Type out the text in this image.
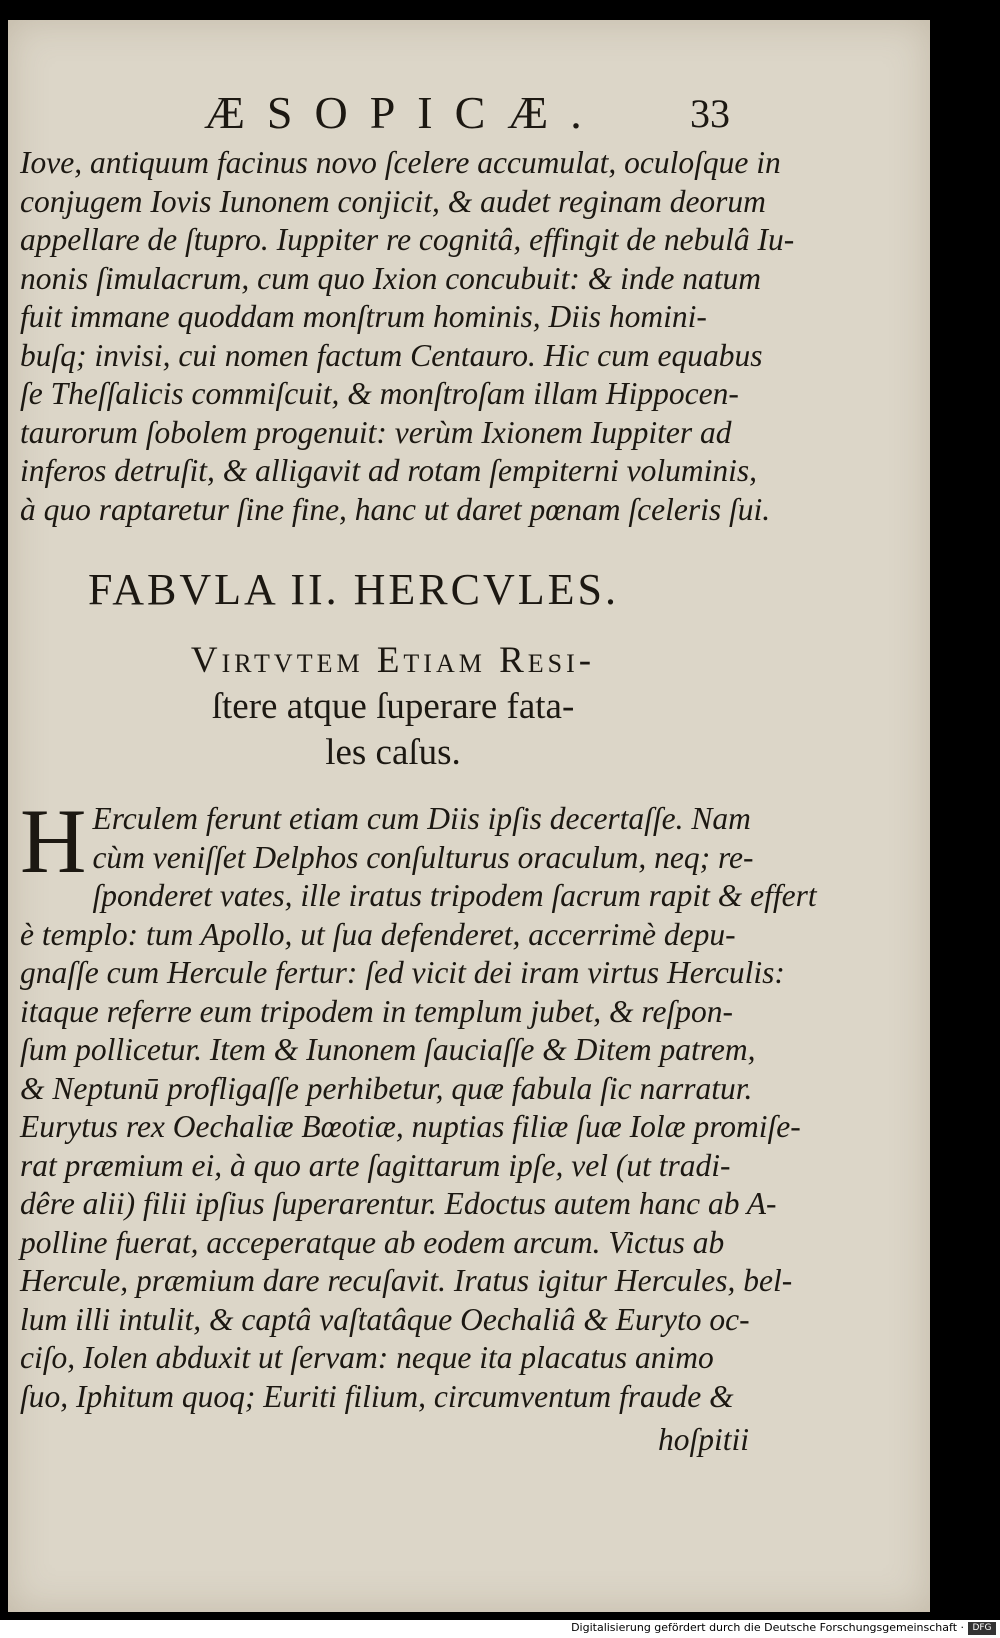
ÆSOPICÆ. 33
Iove, antiquum facinus novo ſcelere accumulat, oculoſque in
conjugem Iovis Iunonem conjicit, & audet reginam deorum
appellare de ſtupro. Iuppiter re cognitâ, effingit de nebulâ Iu-
nonis ſimulacrum, cum quo Ixion concubuit: & inde natum
fuit immane quoddam monſtrum hominis, Diis homini-
buſq; invisi, cui nomen factum Centauro. Hic cum equabus
ſe Theſſalicis commiſcuit, & monſtroſam illam Hippocen-
taurorum ſobolem progenuit: verùm Ixionem Iuppiter ad
inferos detruſit, & alligavit ad rotam ſempiterni voluminis,
à quo raptaretur ſine fine, hanc ut daret pœnam ſceleris ſui.
FABVLA II. HERCVLES.
Virtvtem Etiam Resi-
ſtere atque ſuperare fata-
les caſus.
H Erculem ferunt etiam cum Diis ipſis decertaſſe. Nam
cùm veniſſet Delphos conſulturus oraculum, neq; re-
ſponderet vates, ille iratus tripodem ſacrum rapit & effert
è templo: tum Apollo, ut ſua defenderet, accerrimè depu-
gnaſſe cum Hercule fertur: ſed vicit dei iram virtus Herculis:
itaque referre eum tripodem in templum jubet, & reſpon-
ſum pollicetur. Item & Iunonem ſauciaſſe & Ditem patrem,
& Neptunū profligaſſe perhibetur, quæ fabula ſic narratur.
Eurytus rex Oechaliæ Bœotiæ, nuptias filiæ ſuæ Iolæ promiſe-
rat præmium ei, à quo arte ſagittarum ipſe, vel (ut tradi-
dêre alii) filii ipſius ſuperarentur. Edoctus autem hanc ab A-
polline fuerat, acceperatque ab eodem arcum. Victus ab
Hercule, præmium dare recuſavit. Iratus igitur Hercules, bel-
lum illi intulit, & captâ vaſtatâque Oechaliâ & Euryto oc-
ciſo, Iolen abduxit ut ſervam: neque ita placatus animo
ſuo, Iphitum quoq; Euriti filium, circumventum fraude &
hoſpitii
Digitalisierung gefördert durch die Deutsche Forschungsgemeinschaft · DFG
